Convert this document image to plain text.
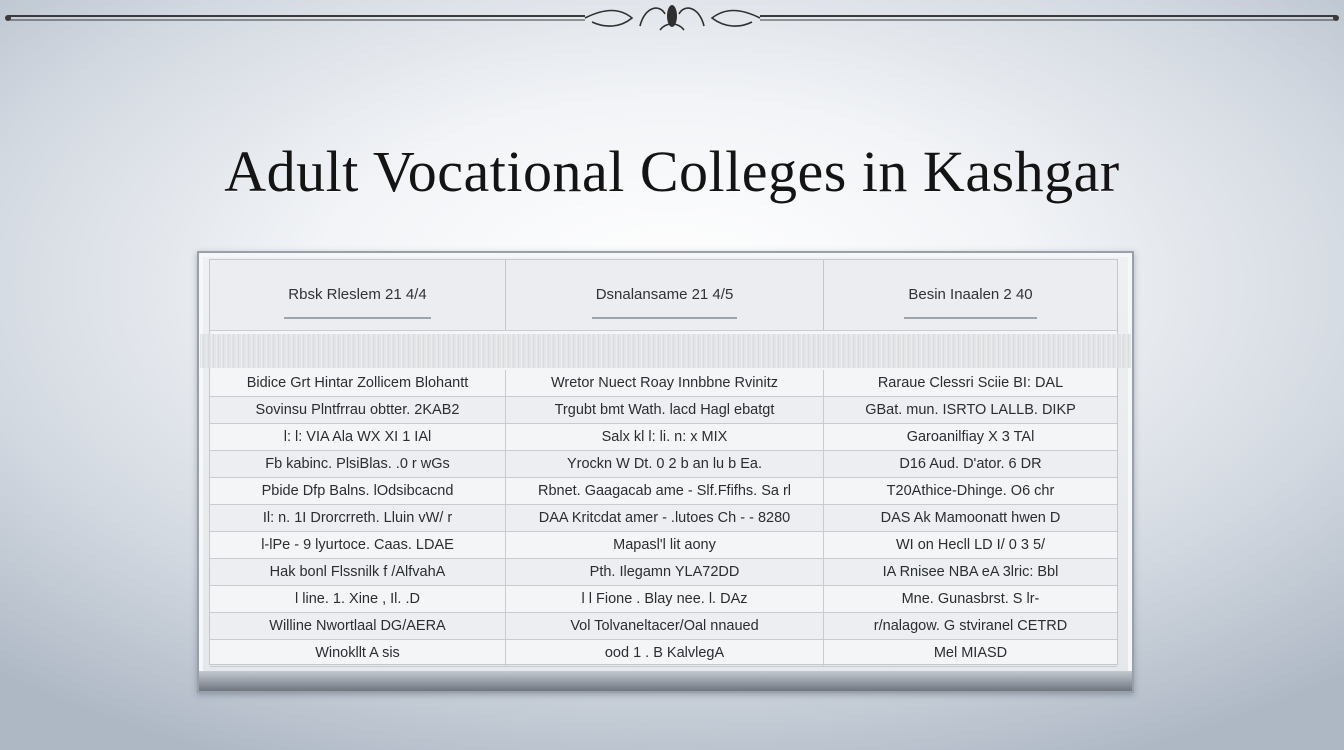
Adult Vocational Colleges in Kashgar
Rbsk Rleslem 21 4/4	Dsnalansame 21 4/5	Besin Inaalen 2 40
Bidice Grt Hintar Zollicem Blohantt	Wretor Nuect Roay Innbbne Rvinitz	Raraue Clessri Sciie BI: DAL
Sovinsu Plntfrrau obtter. 2KAB2	Trgubt bmt Wath. lacd Hagl ebatgt	GBat. mun. ISRTO LALLB. DIKP
l: l: VIA Ala WX XI 1 IAl	Salx kl l: li. n: x MIX	Garoanilfiay X 3 TAl
Fb kabinc. PlsiBlas. .0 r wGs	Yrockn W Dt. 0 2 b an lu b Ea.	D16 Aud. D'ator. 6 DR
Pbide Dfp Balns. lOdsibcacnd	Rbnet. Gaagacab ame - Slf.Ffifhs. Sa rl	T20Athice-Dhinge. O6 chr
Il: n. 1I Drorcrreth. Lluin vW/ r	DAA Kritcdat amer - .lutoes Ch - - 8280	DAS Ak Mamoonatt hwen D
l-lPe - 9 lyurtoce. Caas. LDAE	Mapasl'l lit aony	WI on Hecll LD I/ 0 3 5/
Hak bonl Flssnilk f /AlfvahA	Pth. Ilegamn YLA72DD	IA Rnisee NBA eA 3lric: Bbl
l line. 1. Xine , Il. .D	l l Fione . Blay nee. l. DAz	Mne. Gunasbrst. S lr-
Willine Nwortlaal DG/AERA	Vol Tolvaneltacer/Oal nnaued	r/nalagow. G stviranel CETRD
Winokllt A sis	ood 1 . B KalvlegA	Mel MIASD
